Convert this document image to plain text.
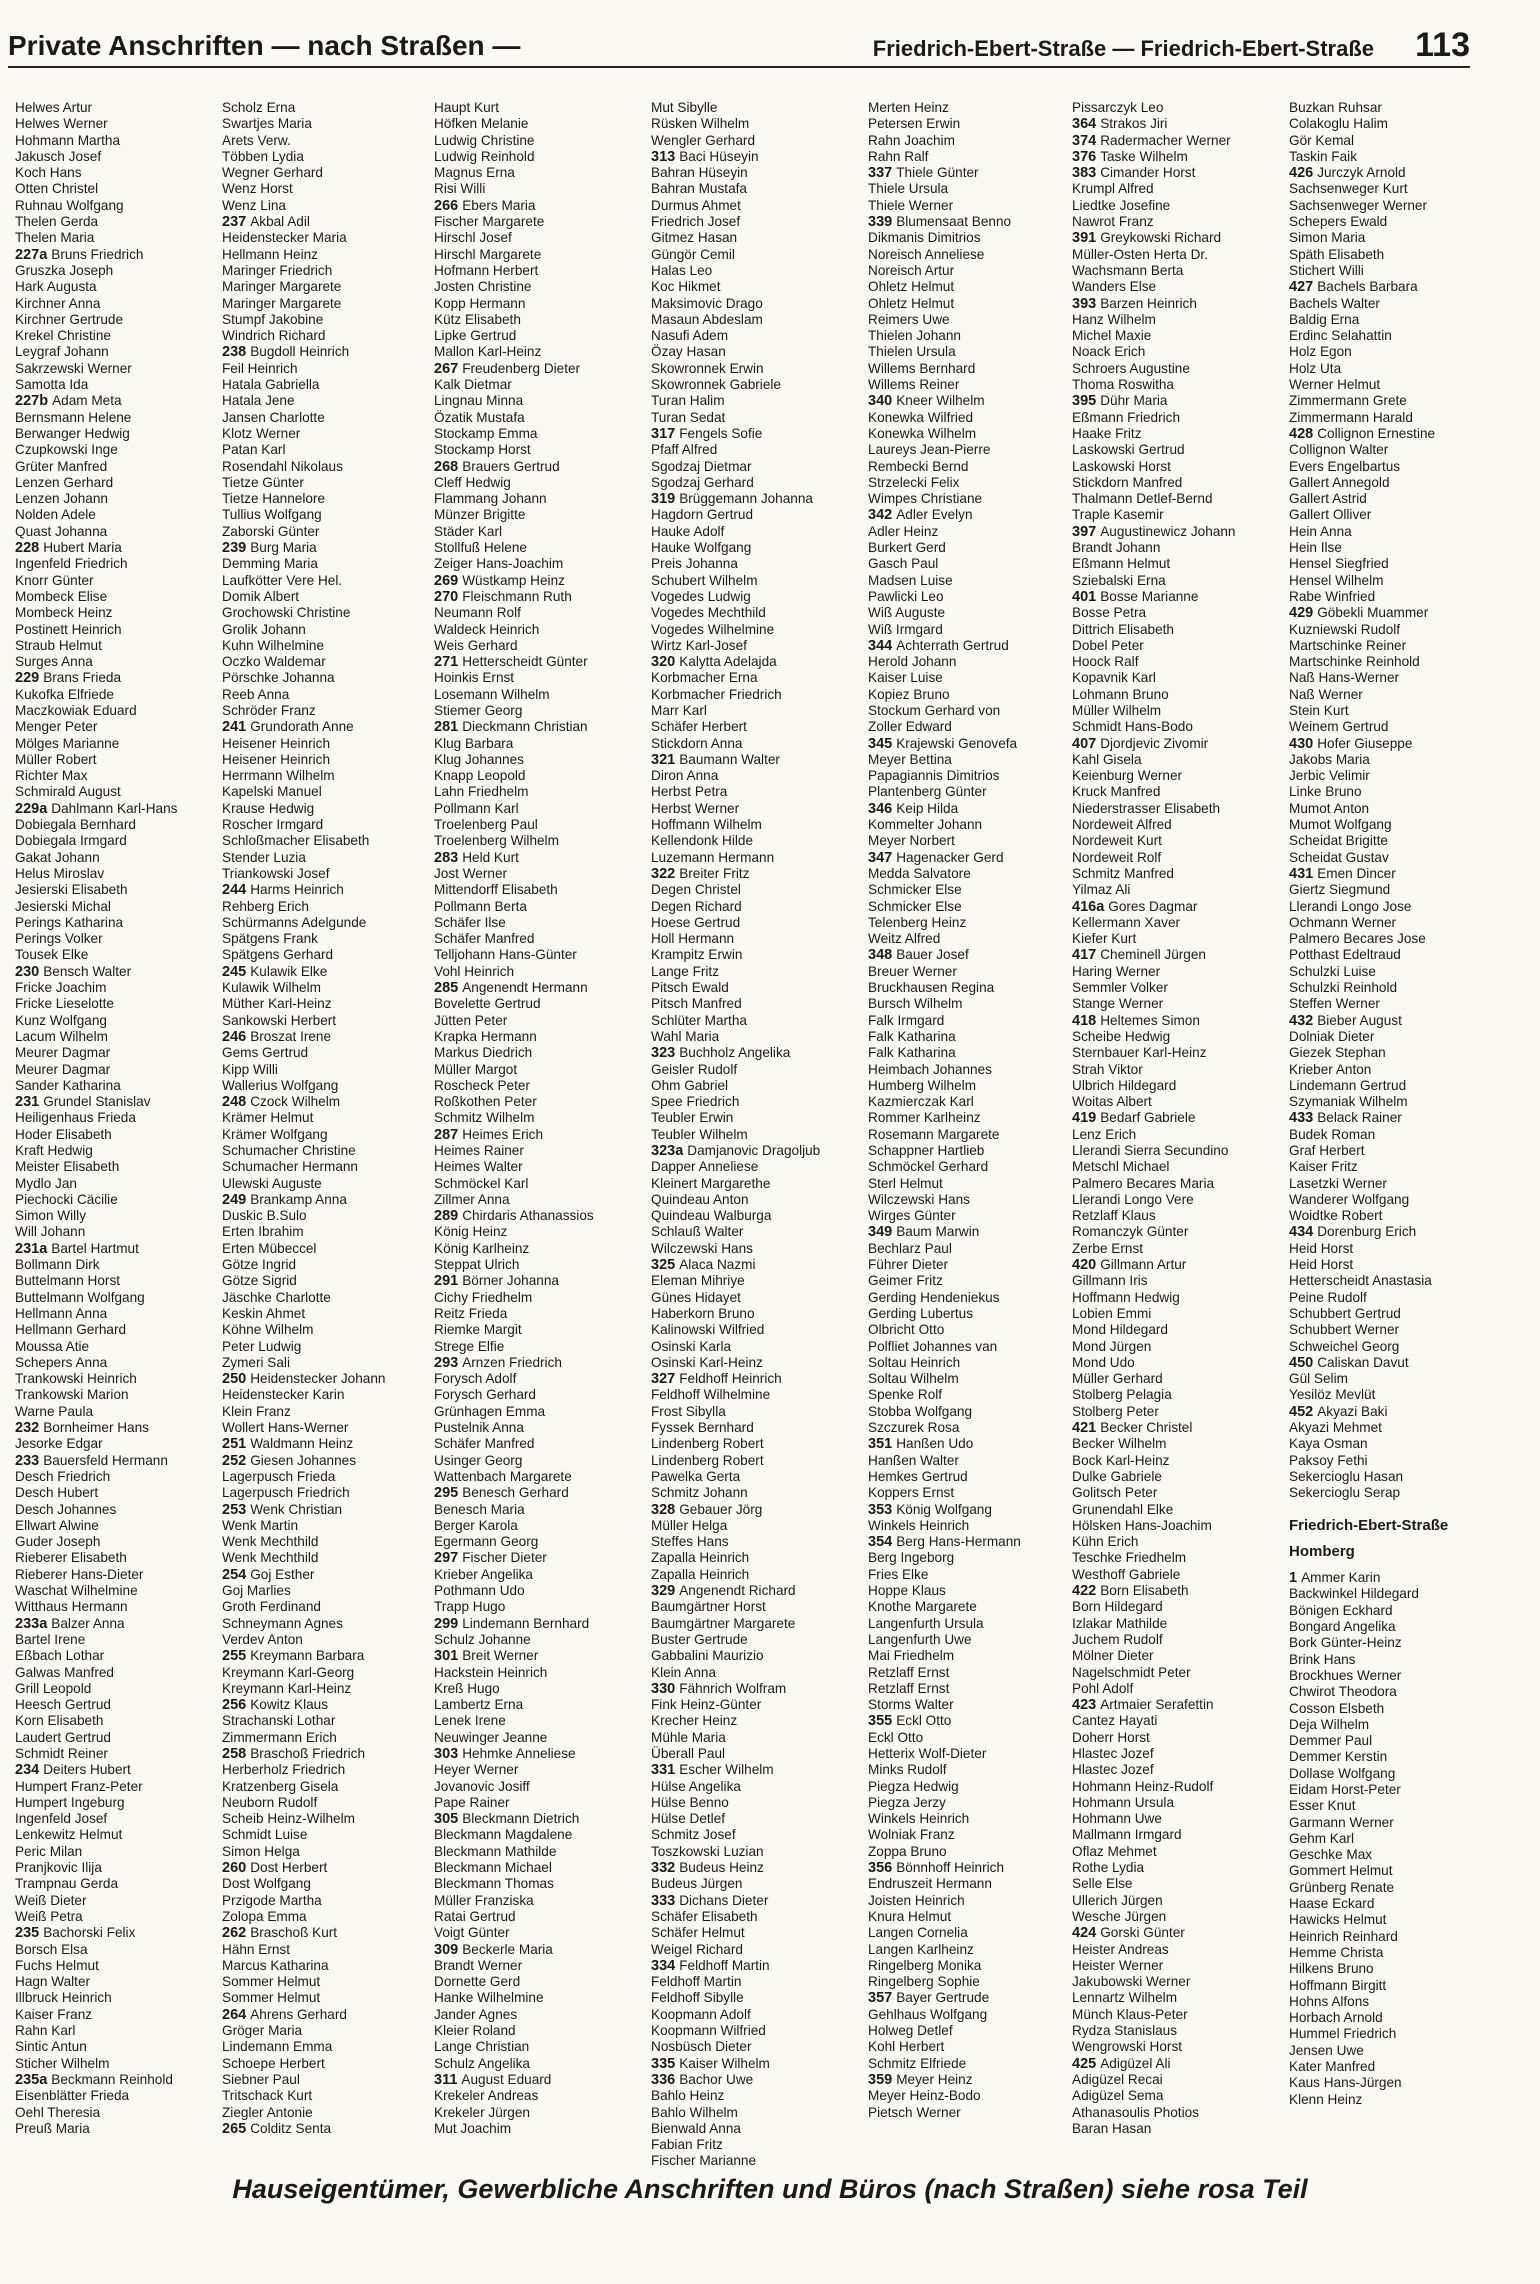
Private Anschriften — nach Straßen —	Friedrich-Ebert-Straße — Friedrich-Ebert-Straße 113
Helwes Artur
Helwes Werner
Hohmann Martha
Jakusch Josef
Koch Hans
Otten Christel
Ruhnau Wolfgang
Thelen Gerda
Thelen Maria
227a Bruns Friedrich
Gruszka Joseph
Hark Augusta
Kirchner Anna
Kirchner Gertrude
Krekel Christine
Leygraf Johann
Sakrzewski Werner
Samotta Ida
227b Adam Meta
Bernsmann Helene
Berwanger Hedwig
Czupkowski Inge
Grüter Manfred
Lenzen Gerhard
Lenzen Johann
Nolden Adele
Quast Johanna
228 Hubert Maria
Ingenfeld Friedrich
Knorr Günter
Mombeck Elise
Mombeck Heinz
Postinett Heinrich
Straub Helmut
Surges Anna
229 Brans Frieda
Kukofka Elfriede
Maczkowiak Eduard
Menger Peter
Mölges Marianne
Müller Robert
Richter Max
Schmirald August
229a Dahlmann Karl-Hans
Dobiegala Bernhard
Dobiegala Irmgard
Gakat Johann
Helus Miroslav
Jesierski Elisabeth
Jesierski Michal
Perings Katharina
Perings Volker
Tousek Elke
230 Bensch Walter
Fricke Joachim
Fricke Lieselotte
Kunz Wolfgang
Lacum Wilhelm
Meurer Dagmar
Meurer Dagmar
Sander Katharina
231 Grundel Stanislav
Heiligenhaus Frieda
Hoder Elisabeth
Kraft Hedwig
Meister Elisabeth
Mydlo Jan
Piechocki Cäcilie
Simon Willy
Will Johann
231a Bartel Hartmut
Bollmann Dirk
Buttelmann Horst
Buttelmann Wolfgang
Hellmann Anna
Hellmann Gerhard
Moussa Atie
Schepers Anna
Trankowski Heinrich
Trankowski Marion
Warne Paula
232 Bornheimer Hans
Jesorke Edgar
233 Bauersfeld Hermann
Desch Friedrich
Desch Hubert
Desch Johannes
Ellwart Alwine
Guder Joseph
Rieberer Elisabeth
Rieberer Hans-Dieter
Waschat Wilhelmine
Witthaus Hermann
233a Balzer Anna
Bartel Irene
Eßbach Lothar
Galwas Manfred
Grill Leopold
Heesch Gertrud
Korn Elisabeth
Laudert Gertrud
Schmidt Reiner
234 Deiters Hubert
Humpert Franz-Peter
Humpert Ingeburg
Ingenfeld Josef
Lenkewitz Helmut
Peric Milan
Pranjkovic Ilija
Trampnau Gerda
Weiß Dieter
Weiß Petra
235 Bachorski Felix
Borsch Elsa
Fuchs Helmut
Hagn Walter
Illbruck Heinrich
Kaiser Franz
Rahn Karl
Sintic Antun
Sticher Wilhelm
235a Beckmann Reinhold
Eisenblätter Frieda
Oehl Theresia
Preuß Maria
Scholz Erna
Swartjes Maria
Arets Verw.
Többen Lydia
Wegner Gerhard
Wenz Horst
Wenz Lina
237 Akbal Adil
Heidenstecker Maria
Hellmann Heinz
Maringer Friedrich
Maringer Margarete
Maringer Margarete
Stumpf Jakobine
Windrich Richard
238 Bugdoll Heinrich
Feil Heinrich
Hatala Gabriella
Hatala Jene
Jansen Charlotte
Klotz Werner
Patan Karl
Rosendahl Nikolaus
Tietze Günter
Tietze Hannelore
Tullius Wolfgang
Zaborski Günter
239 Burg Maria
Demming Maria
Laufkötter Vere Hel.
Domik Albert
Grochowski Christine
Grolik Johann
Kuhn Wilhelmine
Oczko Waldemar
Pörschke Johanna
Reeb Anna
Schröder Franz
241 Grundorath Anne
Heisener Heinrich
Heisener Heinrich
Herrmann Wilhelm
Kapelski Manuel
Krause Hedwig
Roscher Irmgard
Schloßmacher Elisabeth
Stender Luzia
Triankowski Josef
244 Harms Heinrich
Rehberg Erich
Schürmanns Adelgunde
Spätgens Frank
Spätgens Gerhard
245 Kulawik Elke
Kulawik Wilhelm
Müther Karl-Heinz
Sankowski Herbert
246 Broszat Irene
Gems Gertrud
Kipp Willi
Wallerius Wolfgang
248 Czock Wilhelm
Krämer Helmut
Krämer Wolfgang
Schumacher Christine
Schumacher Hermann
Ulewski Auguste
249 Brankamp Anna
Duskic B.Sulo
Erten Ibrahim
Erten Mübeccel
Götze Ingrid
Götze Sigrid
Jäschke Charlotte
Keskin Ahmet
Köhne Wilhelm
Peter Ludwig
Zymeri Sali
250 Heidenstecker Johann
Heidenstecker Karin
Klein Franz
Wollert Hans-Werner
251 Waldmann Heinz
252 Giesen Johannes
Lagerpusch Frieda
Lagerpusch Friedrich
253 Wenk Christian
Wenk Martin
Wenk Mechthild
Wenk Mechthild
254 Goj Esther
Goj Marlies
Groth Ferdinand
Schneymann Agnes
Verdev Anton
255 Kreymann Barbara
Kreymann Karl-Georg
Kreymann Karl-Heinz
256 Kowitz Klaus
Strachanski Lothar
Zimmermann Erich
258 Braschoß Friedrich
Herberholz Friedrich
Kratzenberg Gisela
Neuborn Rudolf
Scheib Heinz-Wilhelm
Schmidt Luise
Simon Helga
260 Dost Herbert
Dost Wolfgang
Przigode Martha
Zolopa Emma
262 Braschoß Kurt
Hähn Ernst
Marcus Katharina
Sommer Helmut
Sommer Helmut
264 Ahrens Gerhard
Gröger Maria
Lindemann Emma
Schoepe Herbert
Siebner Paul
Tritschack Kurt
Ziegler Antonie
265 Colditz Senta
Haupt Kurt
Höfken Melanie
Ludwig Christine
Ludwig Reinhold
Magnus Erna
Risi Willi
266 Ebers Maria
Fischer Margarete
Hirschl Josef
Hirschl Margarete
Hofmann Herbert
Josten Christine
Kopp Hermann
Kütz Elisabeth
Lipke Gertrud
Mallon Karl-Heinz
267 Freudenberg Dieter
Kalk Dietmar
Lingnau Minna
Özatik Mustafa
Stockamp Emma
Stockamp Horst
268 Brauers Gertrud
Cleff Hedwig
Flammang Johann
Münzer Brigitte
Städer Karl
Stollfuß Helene
Zeiger Hans-Joachim
269 Wüstkamp Heinz
270 Fleischmann Ruth
Neumann Rolf
Waldeck Heinrich
Weis Gerhard
271 Hetterscheidt Günter
Hoinkis Ernst
Losemann Wilhelm
Stiemer Georg
281 Dieckmann Christian
Klug Barbara
Klug Johannes
Knapp Leopold
Lahn Friedhelm
Pollmann Karl
Troelenberg Paul
Troelenberg Wilhelm
283 Held Kurt
Jost Werner
Mittendorff Elisabeth
Pollmann Berta
Schäfer Ilse
Schäfer Manfred
Telljohann Hans-Günter
Vohl Heinrich
285 Angenendt Hermann
Bovelette Gertrud
Jütten Peter
Krapka Hermann
Markus Diedrich
Müller Margot
Roscheck Peter
Roßkothen Peter
Schmitz Wilhelm
287 Heimes Erich
Heimes Rainer
Heimes Walter
Schmöckel Karl
Zillmer Anna
289 Chirdaris Athanassios
König Heinz
König Karlheinz
Steppat Ulrich
291 Börner Johanna
Cichy Friedhelm
Reitz Frieda
Riemke Margit
Strege Elfie
293 Arnzen Friedrich
Forysch Adolf
Forysch Gerhard
Grünhagen Emma
Pustelnik Anna
Schäfer Manfred
Usinger Georg
Wattenbach Margarete
295 Benesch Gerhard
Benesch Maria
Berger Karola
Egermann Georg
297 Fischer Dieter
Krieber Angelika
Pothmann Udo
Trapp Hugo
299 Lindemann Bernhard
Schulz Johanne
301 Breit Werner
Hackstein Heinrich
Kreß Hugo
Lambertz Erna
Lenek Irene
Neuwinger Jeanne
303 Hehmke Anneliese
Heyer Werner
Jovanovic Josiff
Pape Rainer
305 Bleckmann Dietrich
Bleckmann Magdalene
Bleckmann Mathilde
Bleckmann Michael
Bleckmann Thomas
Müller Franziska
Ratai Gertrud
Voigt Günter
309 Beckerle Maria
Brandt Werner
Dornette Gerd
Hanke Wilhelmine
Jander Agnes
Kleier Roland
Lange Christian
Schulz Angelika
311 August Eduard
Krekeler Andreas
Krekeler Jürgen
Mut Joachim
Mut Sibylle
Rüsken Wilhelm
Wengler Gerhard
313 Baci Hüseyin
Bahran Hüseyin
Bahran Mustafa
Durmus Ahmet
Friedrich Josef
Gitmez Hasan
Güngör Cemil
Halas Leo
Koc Hikmet
Maksimovic Drago
Masaun Abdeslam
Nasufi Adem
Özay Hasan
Skowronnek Erwin
Skowronnek Gabriele
Turan Halim
Turan Sedat
317 Fengels Sofie
Pfaff Alfred
Sgodzaj Dietmar
Sgodzaj Gerhard
319 Brüggemann Johanna
Hagdorn Gertrud
Hauke Adolf
Hauke Wolfgang
Preis Johanna
Schubert Wilhelm
Vogedes Ludwig
Vogedes Mechthild
Vogedes Wilhelmine
Wirtz Karl-Josef
320 Kalytta Adelajda
Korbmacher Erna
Korbmacher Friedrich
Marr Karl
Schäfer Herbert
Stickdorn Anna
321 Baumann Walter
Diron Anna
Herbst Petra
Herbst Werner
Hoffmann Wilhelm
Kellendonk Hilde
Luzemann Hermann
322 Breiter Fritz
Degen Christel
Degen Richard
Hoese Gertrud
Holl Hermann
Krampitz Erwin
Lange Fritz
Pitsch Ewald
Pitsch Manfred
Schlüter Martha
Wahl Maria
323 Buchholz Angelika
Geisler Rudolf
Ohm Gabriel
Spee Friedrich
Teubler Erwin
Teubler Wilhelm
323a Damjanovic Dragoljub
Dapper Anneliese
Kleinert Margarethe
Quindeau Anton
Quindeau Walburga
Schlauß Walter
Wilczewski Hans
325 Alaca Nazmi
Eleman Mihriye
Günes Hidayet
Haberkorn Bruno
Kalinowski Wilfried
Osinski Karla
Osinski Karl-Heinz
327 Feldhoff Heinrich
Feldhoff Wilhelmine
Frost Sibylla
Fyssek Bernhard
Lindenberg Robert
Lindenberg Robert
Pawelka Gerta
Schmitz Johann
328 Gebauer Jörg
Müller Helga
Steffes Hans
Zapalla Heinrich
Zapalla Heinrich
329 Angenendt Richard
Baumgärtner Horst
Baumgärtner Margarete
Buster Gertrude
Gabbalini Maurizio
Klein Anna
330 Fähnrich Wolfram
Fink Heinz-Günter
Krecher Heinz
Mühle Maria
Überall Paul
331 Escher Wilhelm
Hülse Angelika
Hülse Benno
Hülse Detlef
Schmitz Josef
Toszkowski Luzian
332 Budeus Heinz
Budeus Jürgen
333 Dichans Dieter
Schäfer Elisabeth
Schäfer Helmut
Weigel Richard
334 Feldhoff Martin
Feldhoff Martin
Feldhoff Sibylle
Koopmann Adolf
Koopmann Wilfried
Nosbüsch Dieter
335 Kaiser Wilhelm
336 Bachor Uwe
Bahlo Heinz
Bahlo Wilhelm
Bienwald Anna
Fabian Fritz
Fischer Marianne
Merten Heinz
Petersen Erwin
Rahn Joachim
Rahn Ralf
337 Thiele Günter
Thiele Ursula
Thiele Werner
339 Blumensaat Benno
Dikmanis Dimitrios
Noreisch Anneliese
Noreisch Artur
Ohletz Helmut
Ohletz Helmut
Reimers Uwe
Thielen Johann
Thielen Ursula
Willems Bernhard
Willems Reiner
340 Kneer Wilhelm
Konewka Wilfried
Konewka Wilhelm
Laureys Jean-Pierre
Rembecki Bernd
Strzelecki Felix
Wimpes Christiane
342 Adler Evelyn
Adler Heinz
Burkert Gerd
Gasch Paul
Madsen Luise
Pawlicki Leo
Wiß Auguste
Wiß Irmgard
344 Achterrath Gertrud
Herold Johann
Kaiser Luise
Kopiez Bruno
Stockum Gerhard von
Zoller Edward
345 Krajewski Genovefa
Meyer Bettina
Papagiannis Dimitrios
Plantenberg Günter
346 Keip Hilda
Kommelter Johann
Meyer Norbert
347 Hagenacker Gerd
Medda Salvatore
Schmicker Else
Schmicker Else
Telenberg Heinz
Weitz Alfred
348 Bauer Josef
Breuer Werner
Bruckhausen Regina
Bursch Wilhelm
Falk Irmgard
Falk Katharina
Falk Katharina
Heimbach Johannes
Humberg Wilhelm
Kazmierczak Karl
Rommer Karlheinz
Rosemann Margarete
Schappner Hartlieb
Schmöckel Gerhard
Sterl Helmut
Wilczewski Hans
Wirges Günter
349 Baum Marwin
Bechlarz Paul
Führer Dieter
Geimer Fritz
Gerding Hendeniekus
Gerding Lubertus
Olbricht Otto
Polfliet Johannes van
Soltau Heinrich
Soltau Wilhelm
Spenke Rolf
Stobba Wolfgang
Szczurek Rosa
351 Hanßen Udo
Hanßen Walter
Hemkes Gertrud
Koppers Ernst
353 König Wolfgang
Winkels Heinrich
354 Berg Hans-Hermann
Berg Ingeborg
Fries Elke
Hoppe Klaus
Knothe Margarete
Langenfurth Ursula
Langenfurth Uwe
Mai Friedhelm
Retzlaff Ernst
Retzlaff Ernst
Storms Walter
355 Eckl Otto
Eckl Otto
Hetterix Wolf-Dieter
Minks Rudolf
Piegza Hedwig
Piegza Jerzy
Winkels Heinrich
Wolniak Franz
Zoppa Bruno
356 Bönnhoff Heinrich
Endruszeit Hermann
Joisten Heinrich
Knura Helmut
Langen Cornelia
Langen Karlheinz
Ringelberg Monika
Ringelberg Sophie
357 Bayer Gertrude
Gehlhaus Wolfgang
Holweg Detlef
Kohl Herbert
Schmitz Elfriede
359 Meyer Heinz
Meyer Heinz-Bodo
Pietsch Werner
Pissarczyk Leo
364 Strakos Jiri
374 Radermacher Werner
376 Taske Wilhelm
383 Cimander Horst
Krumpl Alfred
Liedtke Josefine
Nawrot Franz
391 Greykowski Richard
Müller-Osten Herta Dr.
Wachsmann Berta
Wanders Else
393 Barzen Heinrich
Hanz Wilhelm
Michel Maxie
Noack Erich
Schroers Augustine
Thoma Roswitha
395 Dühr Maria
Eßmann Friedrich
Haake Fritz
Laskowski Gertrud
Laskowski Horst
Stickdorn Manfred
Thalmann Detlef-Bernd
Traple Kasemir
397 Augustinewicz Johann
Brandt Johann
Eßmann Helmut
Sziebalski Erna
401 Bosse Marianne
Bosse Petra
Dittrich Elisabeth
Dobel Peter
Hoock Ralf
Kopavnik Karl
Lohmann Bruno
Müller Wilhelm
Schmidt Hans-Bodo
407 Djordjevic Zivomir
Kahl Gisela
Keienburg Werner
Kruck Manfred
Niederstrasser Elisabeth
Nordeweit Alfred
Nordeweit Kurt
Nordeweit Rolf
Schmitz Manfred
Yilmaz Ali
416a Gores Dagmar
Kellermann Xaver
Kiefer Kurt
417 Cheminell Jürgen
Haring Werner
Semmler Volker
Stange Werner
418 Heltemes Simon
Scheibe Hedwig
Sternbauer Karl-Heinz
Strah Viktor
Ulbrich Hildegard
Woitas Albert
419 Bedarf Gabriele
Lenz Erich
Llerandi Sierra Secundino
Metschl Michael
Palmero Becares Maria
Llerandi Longo Vere
Retzlaff Klaus
Romanczyk Günter
Zerbe Ernst
420 Gillmann Artur
Gillmann Iris
Hoffmann Hedwig
Lobien Emmi
Mond Hildegard
Mond Jürgen
Mond Udo
Müller Gerhard
Stolberg Pelagia
Stolberg Peter
421 Becker Christel
Becker Wilhelm
Bock Karl-Heinz
Dulke Gabriele
Golitsch Peter
Grunendahl Elke
Hölsken Hans-Joachim
Kühn Erich
Teschke Friedhelm
Westhoff Gabriele
422 Born Elisabeth
Born Hildegard
Izlakar Mathilde
Juchem Rudolf
Mölner Dieter
Nagelschmidt Peter
Pohl Adolf
423 Artmaier Serafettin
Cantez Hayati
Doherr Horst
Hlastec Jozef
Hlastec Jozef
Hohmann Heinz-Rudolf
Hohmann Ursula
Hohmann Uwe
Mallmann Irmgard
Oflaz Mehmet
Rothe Lydia
Selle Else
Ullerich Jürgen
Wesche Jürgen
424 Gorski Günter
Heister Andreas
Heister Werner
Jakubowski Werner
Lennartz Wilhelm
Münch Klaus-Peter
Rydza Stanislaus
Wengrowski Horst
425 Adigüzel Ali
Adigüzel Recai
Adigüzel Sema
Athanasoulis Photios
Baran Hasan
Buzkan Ruhsar
Colakoglu Halim
Gör Kemal
Taskin Faik
426 Jurczyk Arnold
Sachsenweger Kurt
Sachsenweger Werner
Schepers Ewald
Simon Maria
Späth Elisabeth
Stichert Willi
427 Bachels Barbara
Bachels Walter
Baldig Erna
Erdinc Selahattin
Holz Egon
Holz Uta
Werner Helmut
Zimmermann Grete
Zimmermann Harald
428 Collignon Ernestine
Collignon Walter
Evers Engelbartus
Gallert Annegold
Gallert Astrid
Gallert Olliver
Hein Anna
Hein Ilse
Hensel Siegfried
Hensel Wilhelm
Rabe Winfried
429 Göbekli Muammer
Kuzniewski Rudolf
Martschinke Reiner
Martschinke Reinhold
Naß Hans-Werner
Naß Werner
Stein Kurt
Weinem Gertrud
430 Hofer Giuseppe
Jakobs Maria
Jerbic Velimir
Linke Bruno
Mumot Anton
Mumot Wolfgang
Scheidat Brigitte
Scheidat Gustav
431 Emen Dincer
Giertz Siegmund
Llerandi Longo Jose
Ochmann Werner
Palmero Becares Jose
Potthast Edeltraud
Schulzki Luise
Schulzki Reinhold
Steffen Werner
432 Bieber August
Dolniak Dieter
Giezek Stephan
Krieber Anton
Lindemann Gertrud
Szymaniak Wilhelm
433 Belack Rainer
Budek Roman
Graf Herbert
Kaiser Fritz
Lasetzki Werner
Wanderer Wolfgang
Woidtke Robert
434 Dorenburg Erich
Heid Horst
Heid Horst
Hetterscheidt Anastasia
Peine Rudolf
Schubbert Gertrud
Schubbert Werner
Schweichel Georg
450 Caliskan Davut
Gül Selim
Yesilöz Mevlüt
452 Akyazi Baki
Akyazi Mehmet
Kaya Osman
Paksoy Fethi
Sekercioglu Hasan
Sekercioglu Serap
Friedrich-Ebert-Straße
Homberg
1 Ammer Karin
Backwinkel Hildegard
Bönigen Eckhard
Bongard Angelika
Bork Günter-Heinz
Brink Hans
Brockhues Werner
Chwirot Theodora
Cosson Elsbeth
Deja Wilhelm
Demmer Paul
Demmer Kerstin
Dollase Wolfgang
Eidam Horst-Peter
Esser Knut
Garmann Werner
Gehm Karl
Geschke Max
Gommert Helmut
Grünberg Renate
Haase Eckard
Hawicks Helmut
Heinrich Reinhard
Hemme Christa
Hilkens Bruno
Hoffmann Birgitt
Hohns Alfons
Horbach Arnold
Hummel Friedrich
Jensen Uwe
Kater Manfred
Kaus Hans-Jürgen
Klenn Heinz
Hauseigentümer, Gewerbliche Anschriften und Büros (nach Straßen) siehe rosa Teil
